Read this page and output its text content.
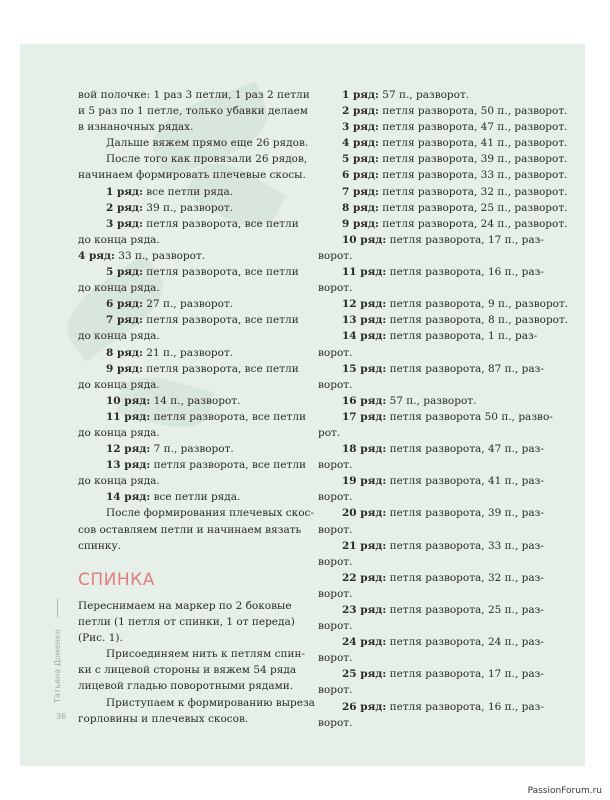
Татьяна Доменко
36

вой полочке: 1 раз 3 петли, 1 раз 2 петли

и 5 раз по 1 петле, только убавки делаем

в изнаночных рядах.

Дальше вяжем прямо еще 26 рядов.

После того как провязали 26 рядов,

начинаем формировать плечевые скосы.

1 ряд: все петли ряда.

2 ряд: 39 п., разворот.

3 ряд: петля разворота, все петли

до конца ряда.

4 ряд: 33 п., разворот.

5 ряд: петля разворота, все петли

до конца ряда.

6 ряд: 27 п., разворот.

7 ряд: петля разворота, все петли

до конца ряда.

8 ряд: 21 п., разворот.

9 ряд: петля разворота, все петли

до конца ряда.

10 ряд: 14 п., разворот.

11 ряд: петля разворота, все петли

до конца ряда.

12 ряд: 7 п., разворот.

13 ряд: петля разворота, все петли

до конца ряда.

14 ряд: все петли ряда.

После формирования плечевых скос-

сов оставляем петли и начинаем вязать

спинку.

СПИНКА

Переснимаем на маркер по 2 боковые

петли (1 петля от спинки, 1 от переда)

(Рис. 1).

Присоединяем нить к петлям спин-

ки с лицевой стороны и вяжем 54 ряда

лицевой гладью поворотными рядами.

Приступаем к формированию выреза

горловины и плечевых скосов.

1 ряд: 57 п., разворот.

2 ряд: петля разворота, 50 п., разворот.

3 ряд: петля разворота, 47 п., разворот.

4 ряд: петля разворота, 41 п., разворот.

5 ряд: петля разворота, 39 п., разворот.

6 ряд: петля разворота, 33 п., разворот.

7 ряд: петля разворота, 32 п., разворот.

8 ряд: петля разворота, 25 п., разворот.

9 ряд: петля разворота, 24 п., разворот.

10 ряд: петля разворота, 17 п., раз-

ворот.

11 ряд: петля разворота, 16 п., раз-

ворот.

12 ряд: петля разворота, 9 п., разворот.

13 ряд: петля разворота, 8 п., разворот.

14 ряд: петля разворота, 1 п., раз-

ворот.

15 ряд: петля разворота, 87 п., раз-

ворот.

16 ряд: 57 п., разворот.

17 ряд: петля разворота 50 п., разво-

рот.

18 ряд: петля разворота, 47 п., раз-

ворот.

19 ряд: петля разворота, 41 п., раз-

ворот.

20 ряд: петля разворота, 39 п., раз-

ворот.

21 ряд: петля разворота, 33 п., раз-

ворот.

22 ряд: петля разворота, 32 п., раз-

ворот.

23 ряд: петля разворота, 25 п., раз-

ворот.

24 ряд: петля разворота, 24 п., раз-

ворот.

25 ряд: петля разворота, 17 п., раз-

ворот.

26 ряд: петля разворота, 16 п., раз-

ворот.

PassionForum.ru
